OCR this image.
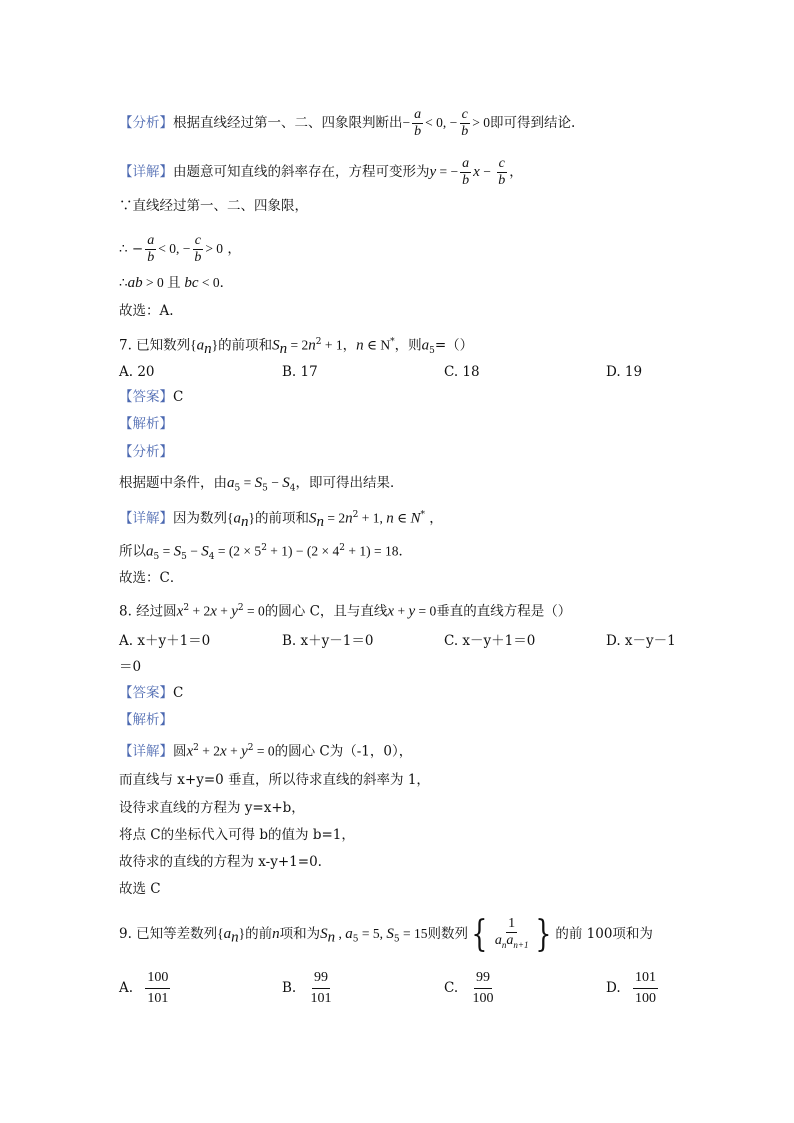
【分析】根据直线经过第一、二、四象限判断出− $\frac{a}{b} < 0$, − $\frac{c}{b} > 0$即可得到结论.
【详解】由题意可知直线的斜率存在，方程可变形为y = − $\frac{a}{b}$ $x - \frac{c}{b}$ ，
∵直线经过第一、二、四象限，
∴ − $\frac{a}{b} < 0$, − $\frac{c}{b} > 0$ ，
∴ab > 0 且 bc < 0．
故选：A.
7. 已知数列$\{a_n\}$的前项和$S_n = 2n^2 + 1$，n ∈ N*，则$a_5=()$
A. 20	B. 17	C. 18	D. 19
【答案】C
【解析】
【分析】
根据题中条件，由$a_5 = S_5 - S_4$，即可得出结果．
【详解】因为数列$\{a_n\}$的前项和$S_n = 2n^2 + 1$, n ∈ N* ，
所以$a_5 = S_5 - S_4 = (2 \times 5^2 + 1) - (2 \times 4^2 + 1) = 18$．
故选：C．
8. 经过圆$x^2 + 2x + y^2 = 0$的圆心 C，且与直线x + y = 0垂直的直线方程是（）
A. x＋y＋1＝0	B. x＋y－1＝0	C. x－y＋1＝0	D. x－y－1
＝0
【答案】C
【解析】
【详解】圆$x^2 + 2x + y^2 = 0$的圆心 C为（-1，0），
而直线与 x+y=0 垂直，所以待求直线的斜率为 1，
设待求直线的方程为 y=x+b，
将点 C的坐标代入可得 b的值为 b=1，
故待求的直线的方程为 x-y+1=0.
故选 C
9. 已知等差数列$\{a_n\}$的前n项和为$S_n$ , $a_5 = 5$, $S_5 = 15$则数列{ $\frac{1}{a_na_{n+1}}$ } 的前 100项和为
A. $\frac{100}{101}$	B. $\frac{99}{101}$	C. $\frac{99}{100}$	D. $\frac{101}{100}$
